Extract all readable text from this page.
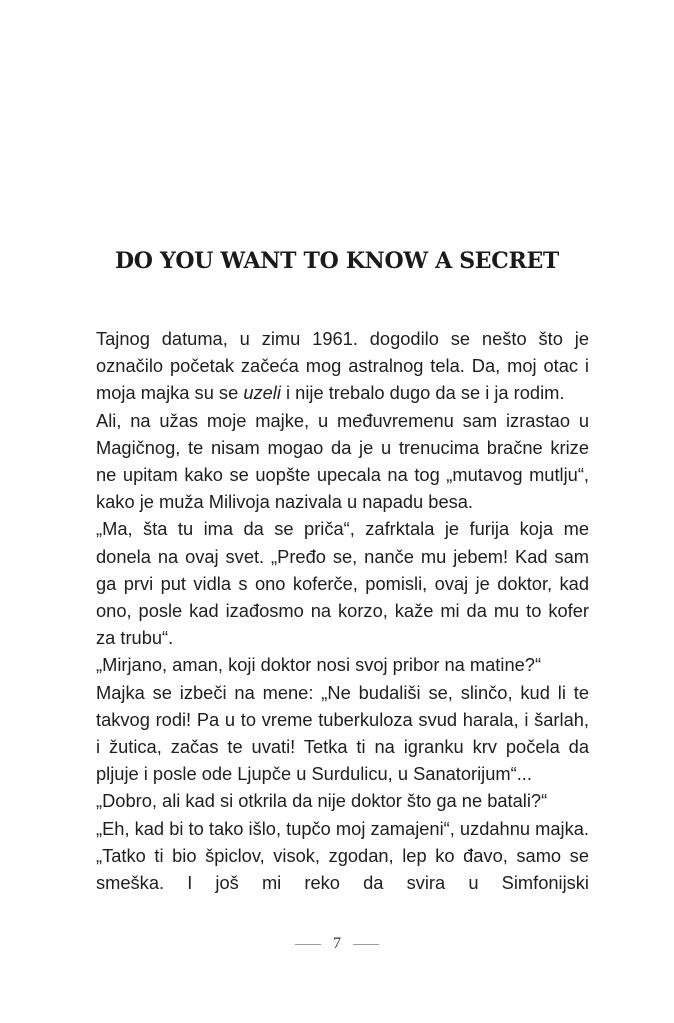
DO YOU WANT TO KNOW A SECRET

Tajnog datuma, u zimu 1961. dogodilo se nešto što je označilo početak začeća mog astralnog tela. Da, moj otac i moja majka su se uzeli i nije trebalo dugo da se i ja rodim.

Ali, na užas moje majke, u međuvremenu sam izrastao u Magičnog, te nisam mogao da je u trenucima bračne krize ne upitam kako se uopšte upecala na tog „mutavog mutlju“, kako je muža Milivoja nazivala u napadu besa.

„Ma, šta tu ima da se priča“, zafrktala je furija koja me donela na ovaj svet. „Pređo se, nanče mu jebem! Kad sam ga prvi put vidla s ono koferče, pomisli, ovaj je doktor, kad ono, posle kad izađosmo na korzo, kaže mi da mu to kofer za trubu“.

„Mirjano, aman, koji doktor nosi svoj pribor na matine?“

Majka se izbeči na mene: „Ne budališi se, slinčo, kud li te takvog rodi! Pa u to vreme tuberkuloza svud harala, i šarlah, i žutica, začas te uvati! Tetka ti na igranku krv počela da pljuje i posle ode Ljupče u Surdulicu, u Sanatorijum“...

„Dobro, ali kad si otkrila da nije doktor što ga ne batali?“

„Eh, kad bi to tako išlo, tupčo moj zamajeni“, uzdahnu majka. „Tatko ti bio špiclov, visok, zgodan, lep ko đavo, samo se smeška. I još mi reko da svira u Simfonijski

7
